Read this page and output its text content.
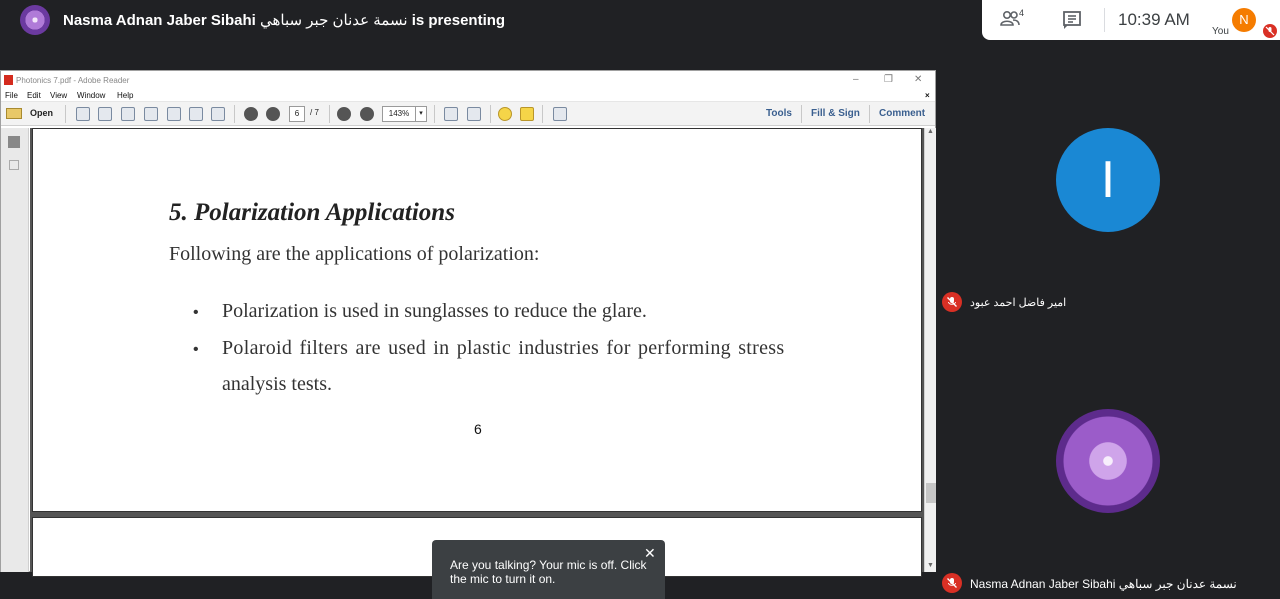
Nasma Adnan Jaber Sibahi نسمة عدنان جبر سباهي is presenting	4	10:39 AM	N
You
Photonics 7.pdf - Adobe Reader	–	❐ ✕
File Edit View Window Help	×
Open	6	/ 7	143%	▾	Tools Fill & Sign Comment
5. Polarization Applications
Following are the applications of polarization:
• Polarization is used in sunglasses to reduce the glare.
• Polaroid filters are used in plastic industries for performing stress
analysis tests.
6
▲
▼
I
امير فاضل احمد عبود
Nasma Adnan Jaber Sibahi نسمة عدنان جبر سباهي
Are you talking? Your mic is off. Click the mic to turn it on.
✕
